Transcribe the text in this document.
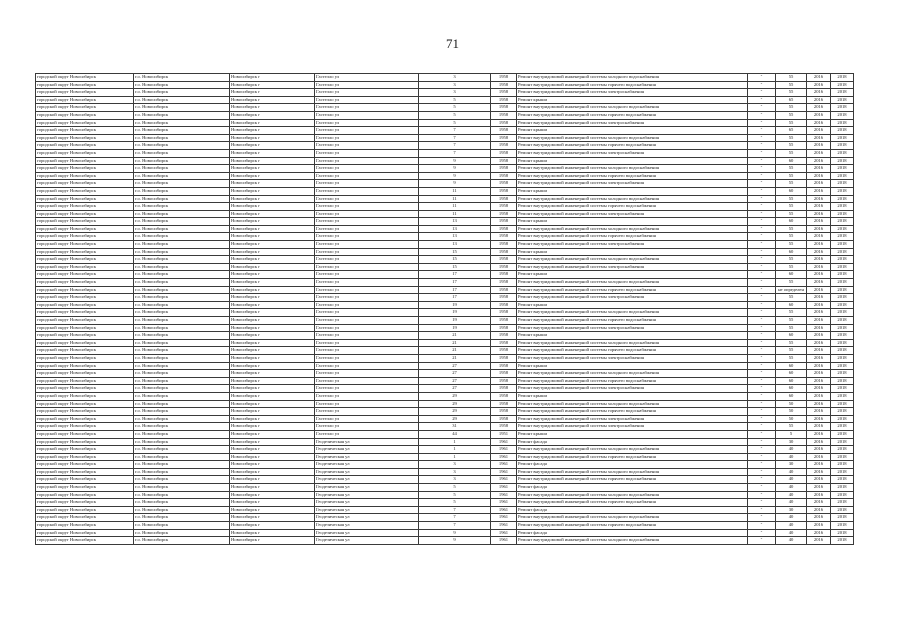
71
городской округ Новосибирск	г.о. Новосибирск	Новосибирск г	Гастелло ул	3	1958	Ремонт внутридомовой инженерной системы холодного водоснабжения	-	55	2016	2018
городской округ Новосибирск	г.о. Новосибирск	Новосибирск г	Гастелло ул	3	1958	Ремонт внутридомовой инженерной системы горячего водоснабжения	-	55	2016	2018
городской округ Новосибирск	г.о. Новосибирск	Новосибирск г	Гастелло ул	3	1958	Ремонт внутридомовой инженерной системы электроснабжения	-	55	2016	2018
городской округ Новосибирск	г.о. Новосибирск	Новосибирск г	Гастелло ул	5	1958	Ремонт крыши	-	65	2016	2018
городской округ Новосибирск	г.о. Новосибирск	Новосибирск г	Гастелло ул	5	1958	Ремонт внутридомовой инженерной системы холодного водоснабжения	-	55	2016	2018
городской округ Новосибирск	г.о. Новосибирск	Новосибирск г	Гастелло ул	5	1958	Ремонт внутридомовой инженерной системы горячего водоснабжения	-	55	2016	2018
городской округ Новосибирск	г.о. Новосибирск	Новосибирск г	Гастелло ул	5	1958	Ремонт внутридомовой инженерной системы электроснабжения	-	55	2016	2018
городской округ Новосибирск	г.о. Новосибирск	Новосибирск г	Гастелло ул	7	1958	Ремонт крыши	-	65	2016	2018
городской округ Новосибирск	г.о. Новосибирск	Новосибирск г	Гастелло ул	7	1958	Ремонт внутридомовой инженерной системы холодного водоснабжения	-	55	2016	2018
городской округ Новосибирск	г.о. Новосибирск	Новосибирск г	Гастелло ул	7	1958	Ремонт внутридомовой инженерной системы горячего водоснабжения	-	55	2016	2018
городской округ Новосибирск	г.о. Новосибирск	Новосибирск г	Гастелло ул	7	1958	Ремонт внутридомовой инженерной системы электроснабжения	-	55	2016	2018
городской округ Новосибирск	г.о. Новосибирск	Новосибирск г	Гастелло ул	9	1958	Ремонт крыши	-	60	2016	2018
городской округ Новосибирск	г.о. Новосибирск	Новосибирск г	Гастелло ул	9	1958	Ремонт внутридомовой инженерной системы холодного водоснабжения	-	55	2016	2018
городской округ Новосибирск	г.о. Новосибирск	Новосибирск г	Гастелло ул	9	1958	Ремонт внутридомовой инженерной системы горячего водоснабжения	-	55	2016	2018
городской округ Новосибирск	г.о. Новосибирск	Новосибирск г	Гастелло ул	9	1958	Ремонт внутридомовой инженерной системы электроснабжения	-	55	2016	2018
городской округ Новосибирск	г.о. Новосибирск	Новосибирск г	Гастелло ул	11	1958	Ремонт крыши	-	60	2016	2018
городской округ Новосибирск	г.о. Новосибирск	Новосибирск г	Гастелло ул	11	1958	Ремонт внутридомовой инженерной системы холодного водоснабжения	-	55	2016	2018
городской округ Новосибирск	г.о. Новосибирск	Новосибирск г	Гастелло ул	11	1958	Ремонт внутридомовой инженерной системы горячего водоснабжения	-	55	2016	2018
городской округ Новосибирск	г.о. Новосибирск	Новосибирск г	Гастелло ул	11	1958	Ремонт внутридомовой инженерной системы электроснабжения	-	55	2016	2018
городской округ Новосибирск	г.о. Новосибирск	Новосибирск г	Гастелло ул	13	1958	Ремонт крыши	-	60	2016	2018
городской округ Новосибирск	г.о. Новосибирск	Новосибирск г	Гастелло ул	13	1958	Ремонт внутридомовой инженерной системы холодного водоснабжения	-	55	2016	2018
городской округ Новосибирск	г.о. Новосибирск	Новосибирск г	Гастелло ул	13	1958	Ремонт внутридомовой инженерной системы горячего водоснабжения	-	55	2016	2018
городской округ Новосибирск	г.о. Новосибирск	Новосибирск г	Гастелло ул	13	1958	Ремонт внутридомовой инженерной системы электроснабжения	-	55	2016	2018
городской округ Новосибирск	г.о. Новосибирск	Новосибирск г	Гастелло ул	15	1958	Ремонт крыши	-	60	2016	2018
городской округ Новосибирск	г.о. Новосибирск	Новосибирск г	Гастелло ул	15	1958	Ремонт внутридомовой инженерной системы холодного водоснабжения	-	55	2016	2018
городской округ Новосибирск	г.о. Новосибирск	Новосибирск г	Гастелло ул	15	1958	Ремонт внутридомовой инженерной системы электроснабжения	-	55	2016	2018
городской округ Новосибирск	г.о. Новосибирск	Новосибирск г	Гастелло ул	17	1958	Ремонт крыши	-	60	2016	2018
городской округ Новосибирск	г.о. Новосибирск	Новосибирск г	Гастелло ул	17	1958	Ремонт внутридомовой инженерной системы холодного водоснабжения	-	55	2016	2018
городской округ Новосибирск	г.о. Новосибирск	Новосибирск г	Гастелло ул	17	1958	Ремонт внутридомовой инженерной системы горячего водоснабжения	-	не определен	2016	2018
городской округ Новосибирск	г.о. Новосибирск	Новосибирск г	Гастелло ул	17	1958	Ремонт внутридомовой инженерной системы электроснабжения	-	55	2016	2018
городской округ Новосибирск	г.о. Новосибирск	Новосибирск г	Гастелло ул	19	1958	Ремонт крыши	-	60	2016	2018
городской округ Новосибирск	г.о. Новосибирск	Новосибирск г	Гастелло ул	19	1958	Ремонт внутридомовой инженерной системы холодного водоснабжения	-	55	2016	2018
городской округ Новосибирск	г.о. Новосибирск	Новосибирск г	Гастелло ул	19	1958	Ремонт внутридомовой инженерной системы горячего водоснабжения	-	55	2016	2018
городской округ Новосибирск	г.о. Новосибирск	Новосибирск г	Гастелло ул	19	1958	Ремонт внутридомовой инженерной системы электроснабжения	-	55	2016	2018
городской округ Новосибирск	г.о. Новосибирск	Новосибирск г	Гастелло ул	21	1958	Ремонт крыши	-	60	2016	2018
городской округ Новосибирск	г.о. Новосибирск	Новосибирск г	Гастелло ул	21	1958	Ремонт внутридомовой инженерной системы холодного водоснабжения	-	55	2016	2018
городской округ Новосибирск	г.о. Новосибирск	Новосибирск г	Гастелло ул	21	1958	Ремонт внутридомовой инженерной системы горячего водоснабжения	-	55	2016	2018
городской округ Новосибирск	г.о. Новосибирск	Новосибирск г	Гастелло ул	21	1958	Ремонт внутридомовой инженерной системы электроснабжения	-	55	2016	2018
городской округ Новосибирск	г.о. Новосибирск	Новосибирск г	Гастелло ул	27	1958	Ремонт крыши	-	60	2016	2018
городской округ Новосибирск	г.о. Новосибирск	Новосибирск г	Гастелло ул	27	1958	Ремонт внутридомовой инженерной системы холодного водоснабжения	-	60	2016	2018
городской округ Новосибирск	г.о. Новосибирск	Новосибирск г	Гастелло ул	27	1958	Ремонт внутридомовой инженерной системы горячего водоснабжения	-	60	2016	2018
городской округ Новосибирск	г.о. Новосибирск	Новосибирск г	Гастелло ул	27	1958	Ремонт внутридомовой инженерной системы электроснабжения	-	60	2016	2018
городской округ Новосибирск	г.о. Новосибирск	Новосибирск г	Гастелло ул	29	1958	Ремонт крыши	-	60	2016	2018
городской округ Новосибирск	г.о. Новосибирск	Новосибирск г	Гастелло ул	29	1958	Ремонт внутридомовой инженерной системы холодного водоснабжения	-	50	2016	2018
городской округ Новосибирск	г.о. Новосибирск	Новосибирск г	Гастелло ул	29	1958	Ремонт внутридомовой инженерной системы горячего водоснабжения	-	50	2016	2018
городской округ Новосибирск	г.о. Новосибирск	Новосибирск г	Гастелло ул	29	1958	Ремонт внутридомовой инженерной системы электроснабжения	-	50	2016	2018
городской округ Новосибирск	г.о. Новосибирск	Новосибирск г	Гастелло ул	31	1958	Ремонт внутридомовой инженерной системы электроснабжения	-	55	2016	2018
городской округ Новосибирск	г.о. Новосибирск	Новосибирск г	Гастелло ул	44	1951	Ремонт крыши	-	5	2016	2018
городской округ Новосибирск	г.о. Новосибирск	Новосибирск г	Геодезическая ул	1	1961	Ремонт фасада	-	30	2016	2018
городской округ Новосибирск	г.о. Новосибирск	Новосибирск г	Геодезическая ул	1	1961	Ремонт внутридомовой инженерной системы холодного водоснабжения	-	40	2016	2018
городской округ Новосибирск	г.о. Новосибирск	Новосибирск г	Геодезическая ул	1	1961	Ремонт внутридомовой инженерной системы горячего водоснабжения	-	40	2016	2018
городской округ Новосибирск	г.о. Новосибирск	Новосибирск г	Геодезическая ул	3	1961	Ремонт фасада	-	30	2016	2018
городской округ Новосибирск	г.о. Новосибирск	Новосибирск г	Геодезическая ул	3	1961	Ремонт внутридомовой инженерной системы холодного водоснабжения	-	40	2016	2018
городской округ Новосибирск	г.о. Новосибирск	Новосибирск г	Геодезическая ул	3	1961	Ремонт внутридомовой инженерной системы горячего водоснабжения	-	40	2016	2018
городской округ Новосибирск	г.о. Новосибирск	Новосибирск г	Геодезическая ул	5	1961	Ремонт фасада	-	40	2016	2018
городской округ Новосибирск	г.о. Новосибирск	Новосибирск г	Геодезическая ул	5	1961	Ремонт внутридомовой инженерной системы холодного водоснабжения	-	40	2016	2018
городской округ Новосибирск	г.о. Новосибирск	Новосибирск г	Геодезическая ул	5	1961	Ремонт внутридомовой инженерной системы горячего водоснабжения	-	40	2016	2018
городской округ Новосибирск	г.о. Новосибирск	Новосибирск г	Геодезическая ул	7	1961	Ремонт фасада	-	30	2016	2018
городской округ Новосибирск	г.о. Новосибирск	Новосибирск г	Геодезическая ул	7	1961	Ремонт внутридомовой инженерной системы холодного водоснабжения	-	40	2016	2018
городской округ Новосибирск	г.о. Новосибирск	Новосибирск г	Геодезическая ул	7	1961	Ремонт внутридомовой инженерной системы горячего водоснабжения	-	40	2016	2018
городской округ Новосибирск	г.о. Новосибирск	Новосибирск г	Геодезическая ул	9	1961	Ремонт фасада	-	40	2016	2018
городской округ Новосибирск	г.о. Новосибирск	Новосибирск г	Геодезическая ул	9	1961	Ремонт внутридомовой инженерной системы холодного водоснабжения	-	40	2016	2018
